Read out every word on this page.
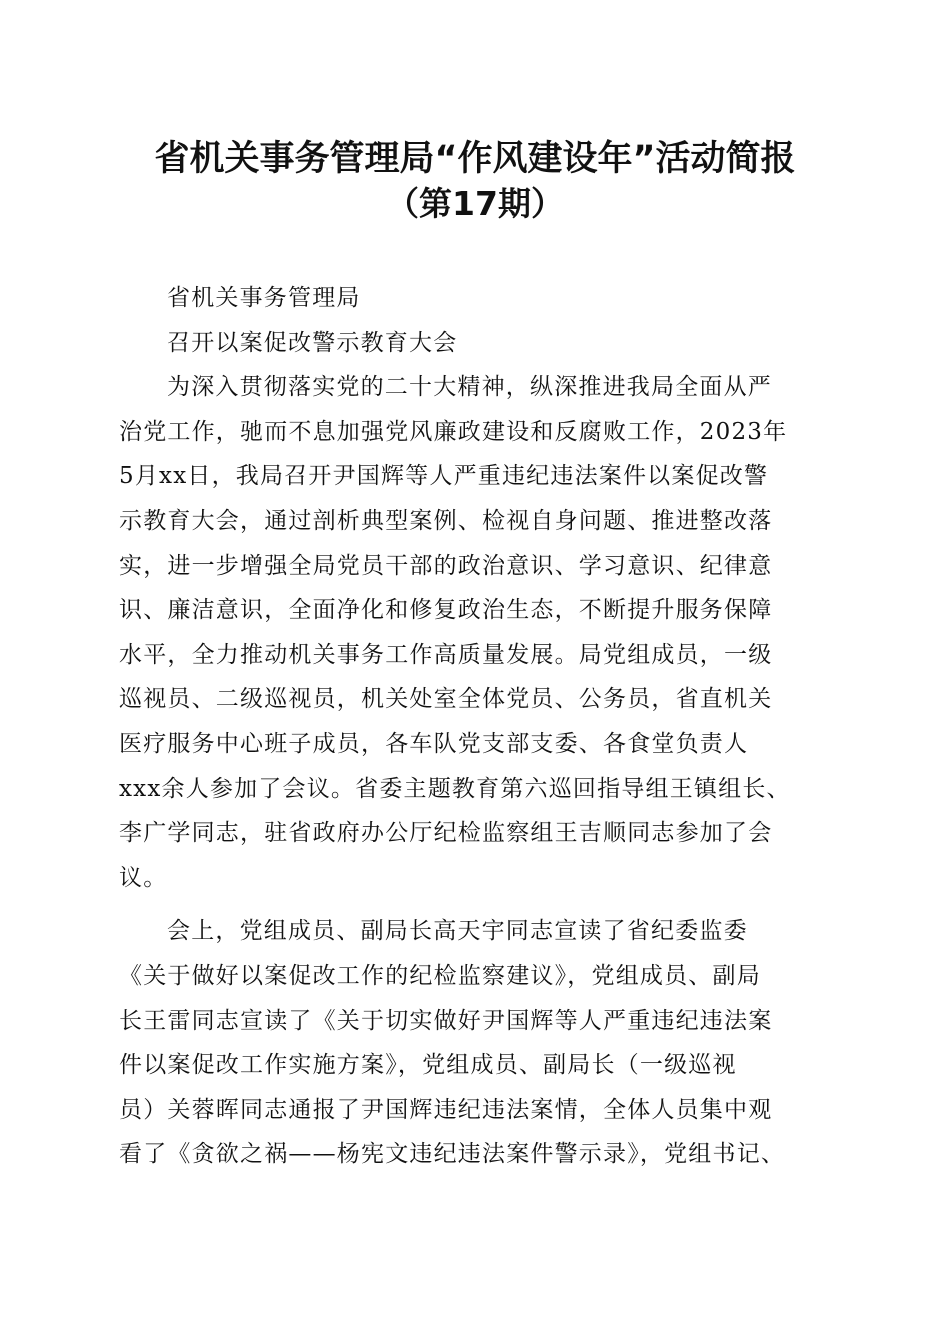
省机关事务管理局“作风建设年”活动简报
（第17期）
省机关事务管理局
召开以案促改警示教育大会
为深入贯彻落实党的二十大精神，纵深推进我局全面从严
治党工作，驰而不息加强党风廉政建设和反腐败工作，2023年
5月xx日，我局召开尹国辉等人严重违纪违法案件以案促改警
示教育大会，通过剖析典型案例、检视自身问题、推进整改落
实，进一步增强全局党员干部的政治意识、学习意识、纪律意
识、廉洁意识，全面净化和修复政治生态，不断提升服务保障
水平，全力推动机关事务工作高质量发展。局党组成员，一级
巡视员、二级巡视员，机关处室全体党员、公务员，省直机关
医疗服务中心班子成员，各车队党支部支委、各食堂负责人
xxx余人参加了会议。省委主题教育第六巡回指导组王镇组长、
李广学同志，驻省政府办公厅纪检监察组王吉顺同志参加了会
议。
会上，党组成员、副局长高天宇同志宣读了省纪委监委
《关于做好以案促改工作的纪检监察建议》，党组成员、副局
长王雷同志宣读了《关于切实做好尹国辉等人严重违纪违法案
件以案促改工作实施方案》，党组成员、副局长（一级巡视
员）关蓉晖同志通报了尹国辉违纪违法案情，全体人员集中观
看了《贪欲之祸——杨宪文违纪违法案件警示录》，党组书记、
